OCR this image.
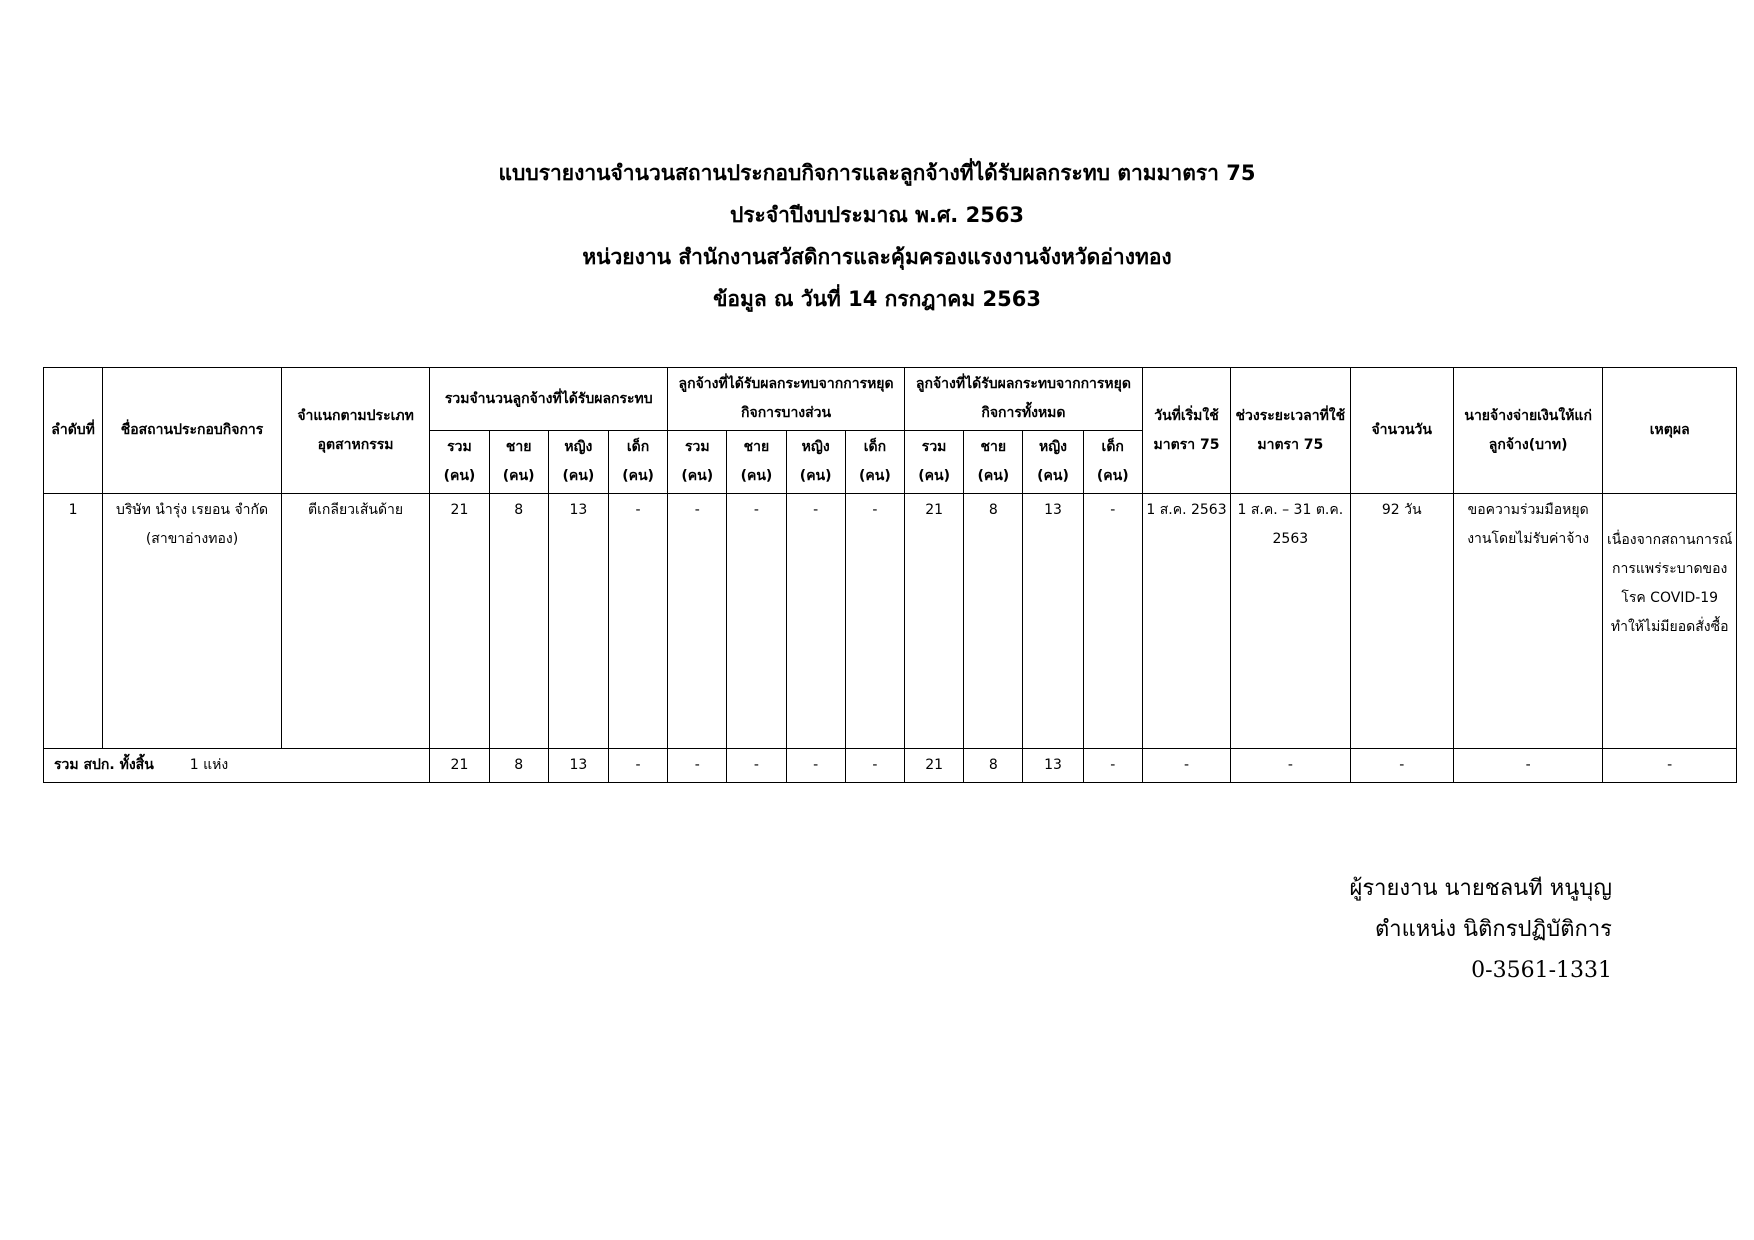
แบบรายงานจำนวนสถานประกอบกิจการและลูกจ้างที่ได้รับผลกระทบ ตามมาตรา 75
ประจำปีงบประมาณ พ.ศ. 2563
หน่วยงาน สำนักงานสวัสดิการและคุ้มครองแรงงานจังหวัดอ่างทอง
ข้อมูล ณ วันที่ 14 กรกฎาคม 2563
ลำดับที่	ชื่อสถานประกอบกิจการ	จำแนกตามประเภทอุตสาหกรรม	รวมจำนวนลูกจ้างที่ได้รับผลกระทบ				ลูกจ้างที่ได้รับผลกระทบจากการหยุดกิจการบางส่วน				ลูกจ้างที่ได้รับผลกระทบจากการหยุดกิจการทั้งหมด				วันที่เริ่มใช้มาตรา 75	ช่วงระยะเวลาที่ใช้มาตรา 75	จำนวนวัน	นายจ้างจ่ายเงินให้แก่ลูกจ้าง(บาท)	เหตุผล
			รวม (คน)	ชาย (คน)	หญิง (คน)	เด็ก (คน)	รวม (คน)	ชาย (คน)	หญิง (คน)	เด็ก (คน)	รวม (คน)	ชาย (คน)	หญิง (คน)	เด็ก (คน)					
1	บริษัท นำรุ่ง เรยอน จำกัด (สาขาอ่างทอง)	ตีเกลียวเส้นด้าย	21	8	13	-	-	-	-	-	21	8	13	-	1 ส.ค. 2563	1 ส.ค. – 31 ต.ค. 2563	92 วัน	ขอความร่วมมือหยุดงานโดยไม่รับค่าจ้าง	เนื่องจากสถานการณ์การแพร่ระบาดของโรค COVID-19 ทำให้ไม่มียอดสั่งซื้อ
รวม สปก. ทั้งสิ้น 1 แห่ง			21	8	13	-	-	-	-	-	21	8	13	-	-	-	-	-	-
ผู้รายงาน นายชลนที หนูบุญ
ตำแหน่ง นิติกรปฏิบัติการ
0-3561-1331
